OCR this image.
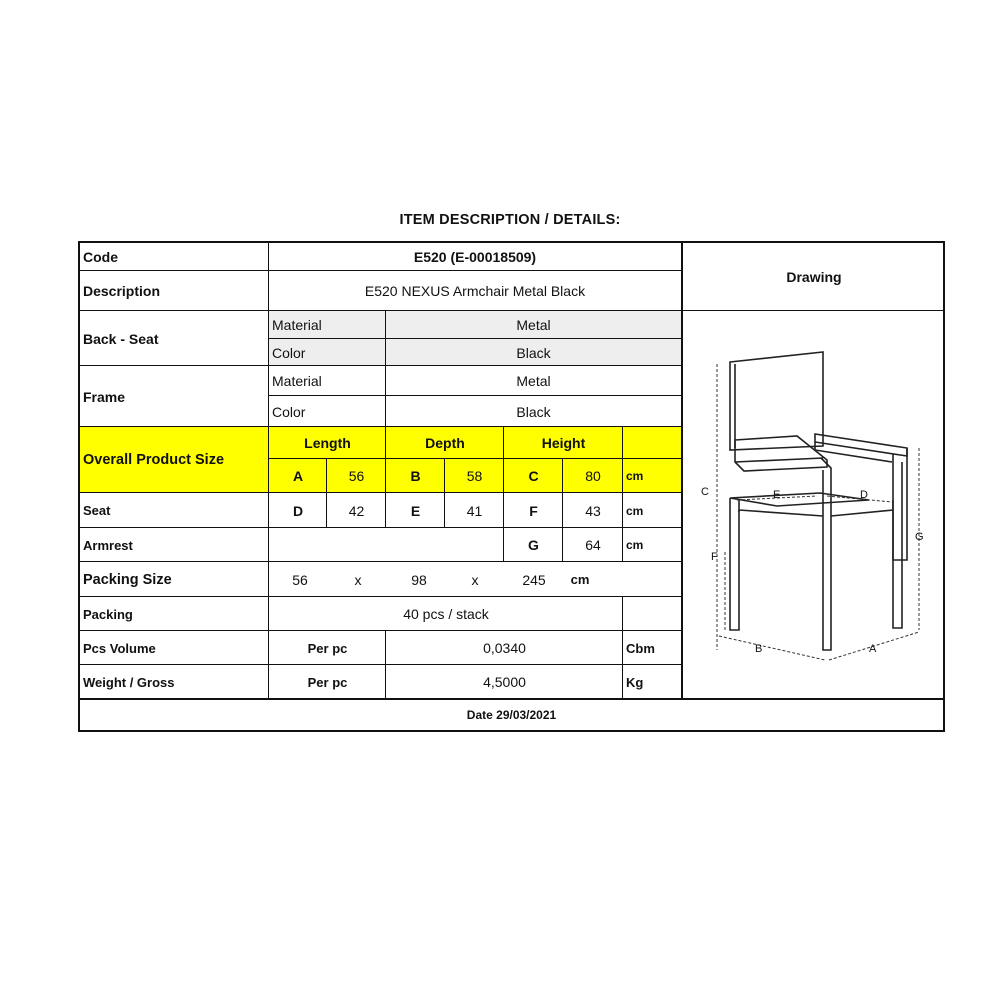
ITEM DESCRIPTION / DETAILS:
Code	E520 (E-00018509)
Description	E520 NEXUS Armchair Metal Black
Drawing
Back - Seat
Material	Metal
Color	Black
Frame
Material	Metal
Color	Black
Overall Product Size
Length	Depth	Height
A	56	B	58	C	80	cm
Seat	D	42	E	41	F	43	cm
Armrest	G	64	cm
Packing Size	56	x	98	x	245	cm
Packing	40 pcs / stack
Pcs Volume	Per pc	0,0340	Cbm
Weight / Gross	Per pc	4,5000	Kg
Date 29/03/2021
C
F
G
E	D
B	A
